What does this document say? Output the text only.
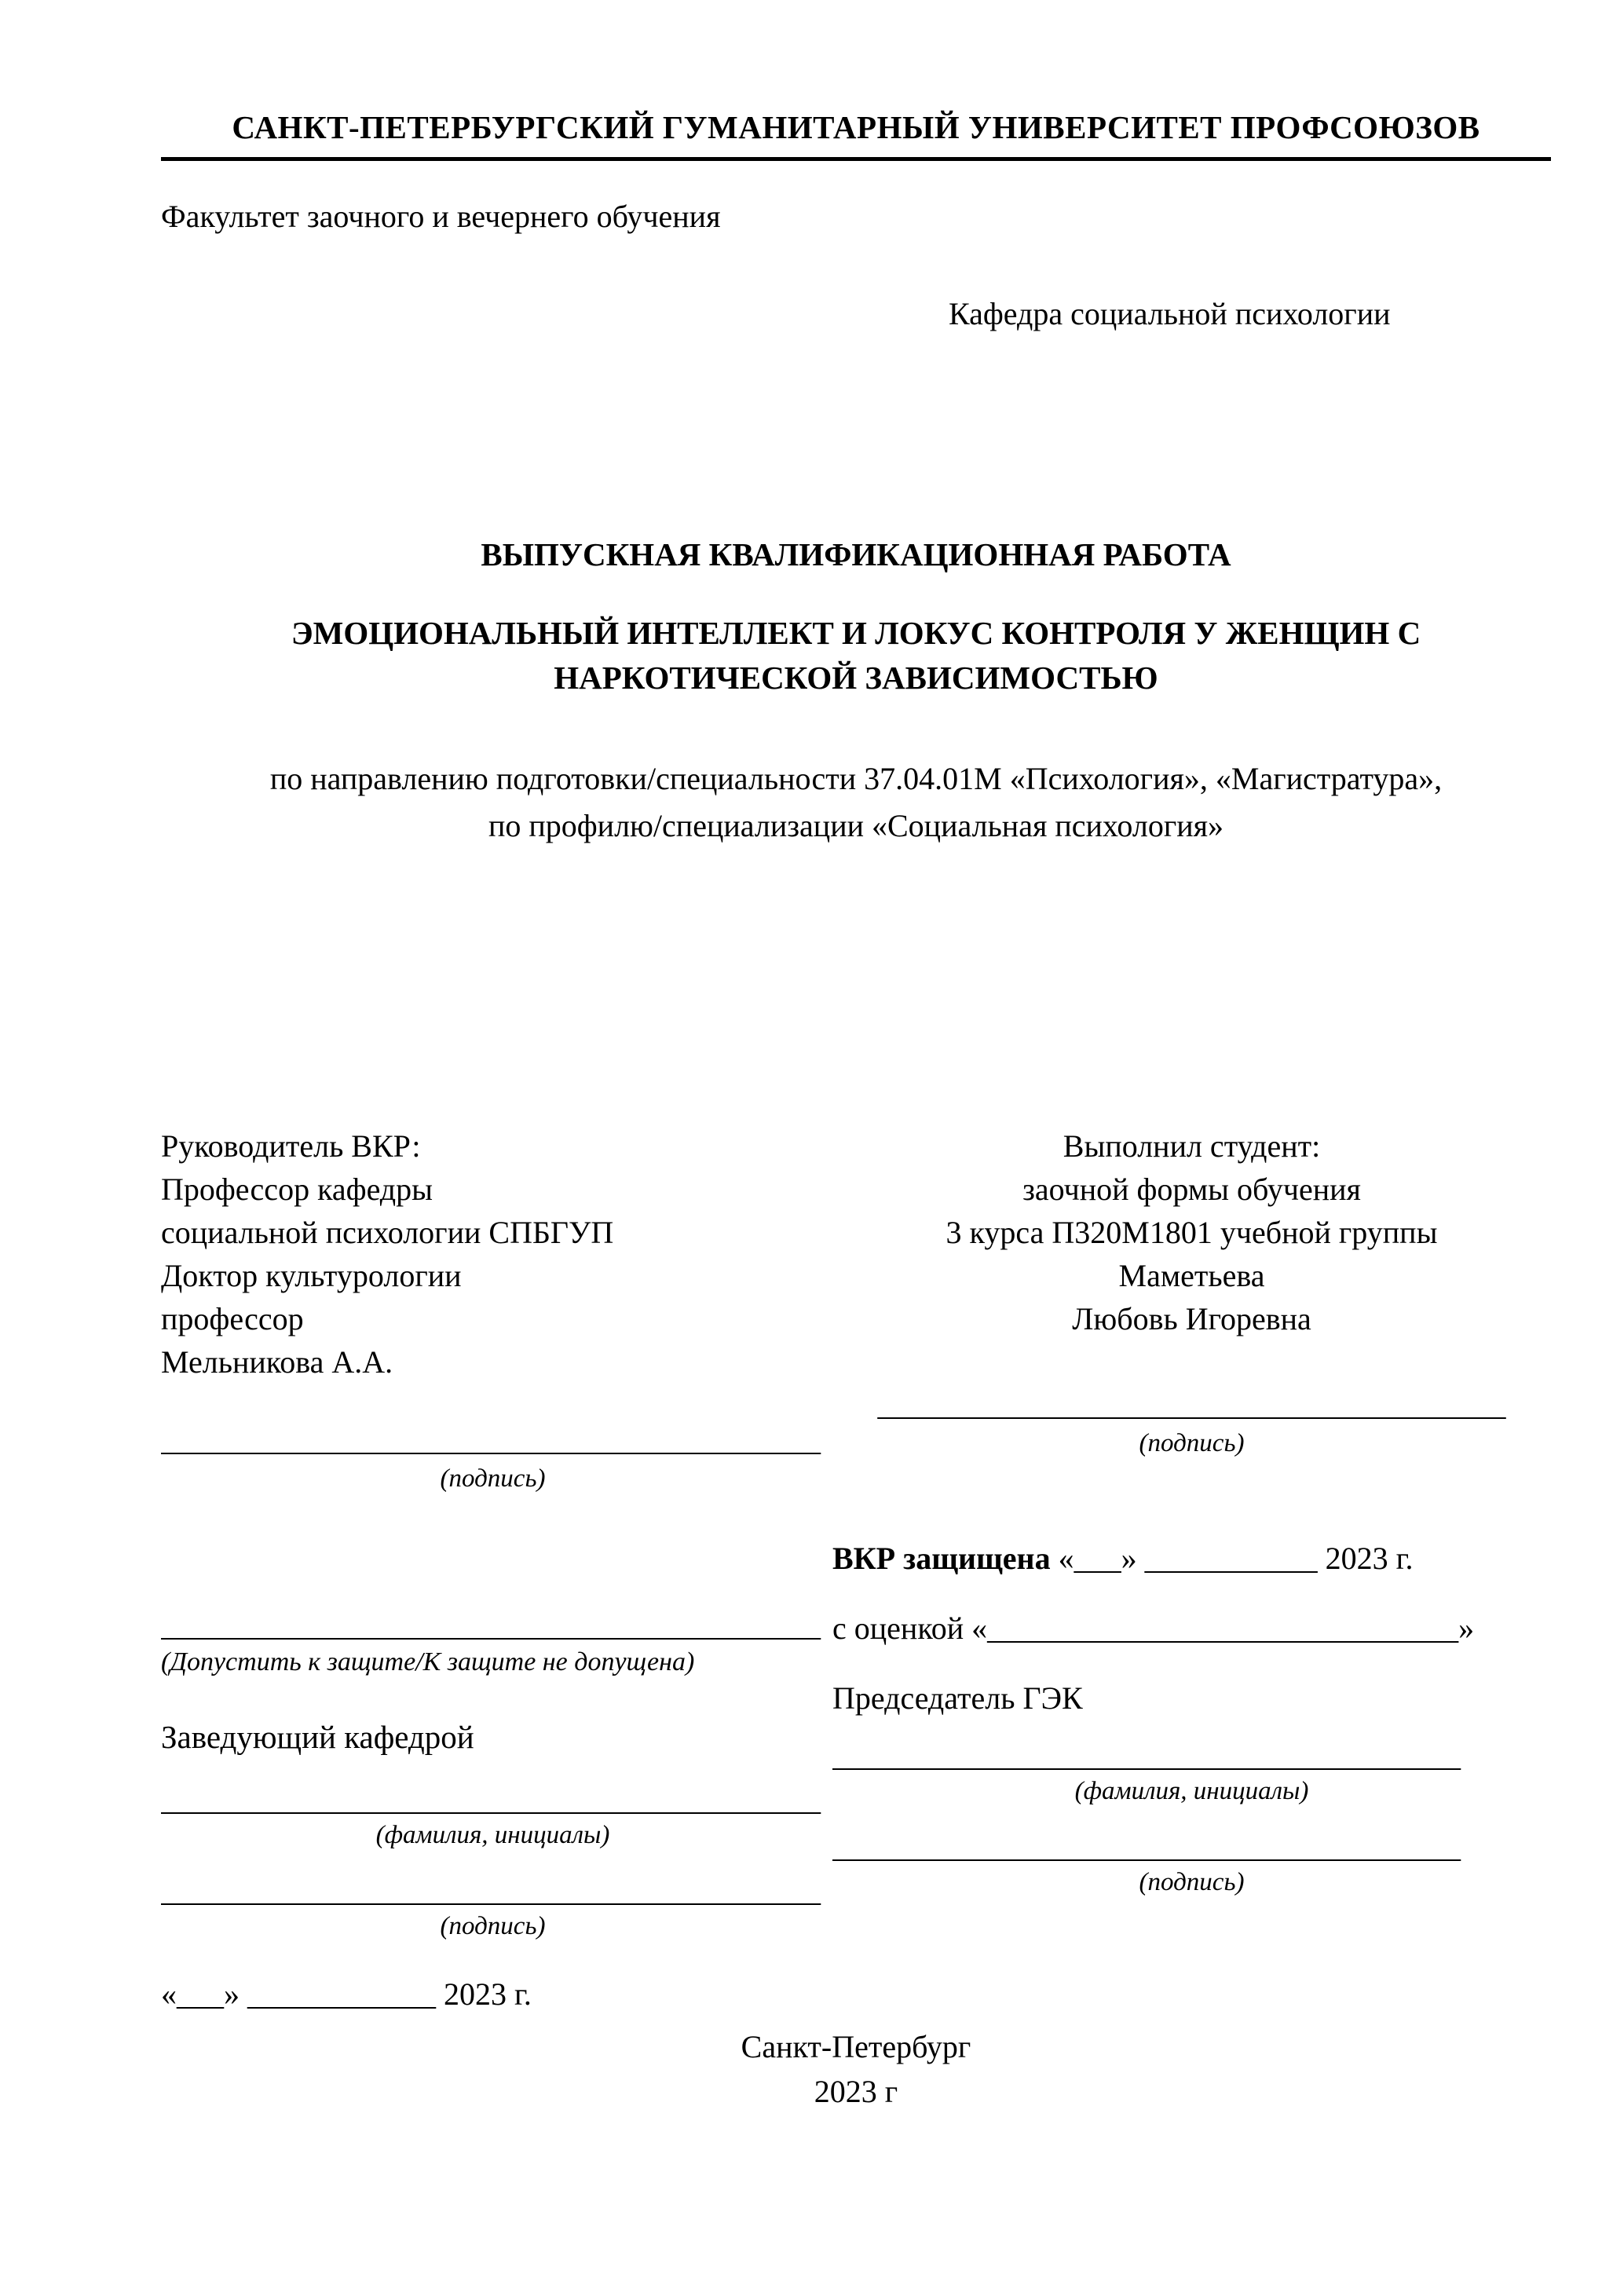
САНКТ-ПЕТЕРБУРГСКИЙ ГУМАНИТАРНЫЙ УНИВЕРСИТЕТ ПРОФСОЮЗОВ
Факультет заочного и вечернего обучения
Кафедра социальной психологии
ВЫПУСКНАЯ КВАЛИФИКАЦИОННАЯ РАБОТА
ЭМОЦИОНАЛЬНЫЙ ИНТЕЛЛЕКТ И ЛОКУС КОНТРОЛЯ У ЖЕНЩИН С
НАРКОТИЧЕСКОЙ ЗАВИСИМОСТЬЮ
по направлению подготовки/специальности 37.04.01М «Психология», «Магистратура»,
по профилю/специализации «Социальная психология»

Руководитель ВКР:

Профессор кафедры

социальной психологии СПБГУП

Доктор культурологии

профессор

Мельникова А.А.

__________________________________________
(подпись)
__________________________________________
(Допустить к защите/К защите не допущена)
Заведующий кафедрой
__________________________________________
(фамилия, инициалы)
__________________________________________
(подпись)
«___» ____________ 2023 г.

Выполнил студент:

заочной формы обучения

3 курса П320М1801 учебной группы

Маметьева

Любовь Игоревна

________________________________________
(подпись)
ВКР защищена «___» ___________ 2023 г.
с оценкой «______________________________»
Председатель ГЭК
________________________________________
(фамилия, инициалы)
________________________________________
(подпись)
Санкт-Петербург
2023 г
